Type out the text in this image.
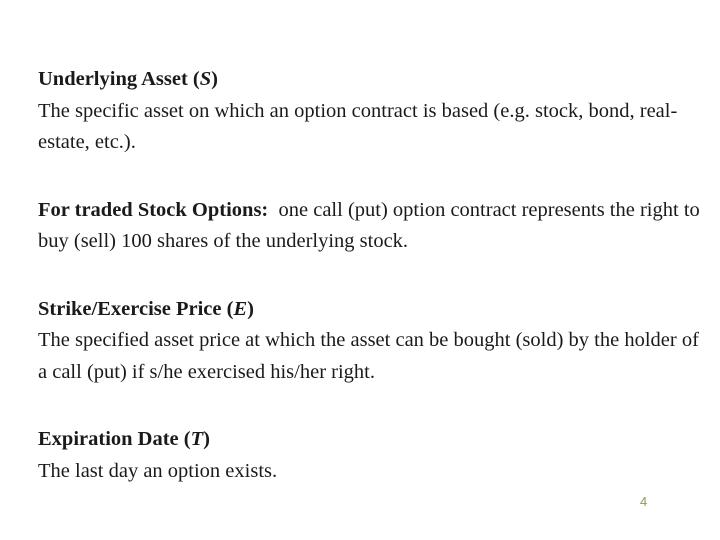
Underlying Asset (S)
The specific asset on which an option contract is based (e.g. stock, bond, real-estate, etc.).

For traded Stock Options: one call (put) option contract represents the right to buy (sell) 100 shares of the underlying stock.

Strike/Exercise Price (E)
The specified asset price at which the asset can be bought (sold) by the holder of a call (put) if s/he exercised his/her right.

Expiration Date (T)
The last day an option exists.

4
